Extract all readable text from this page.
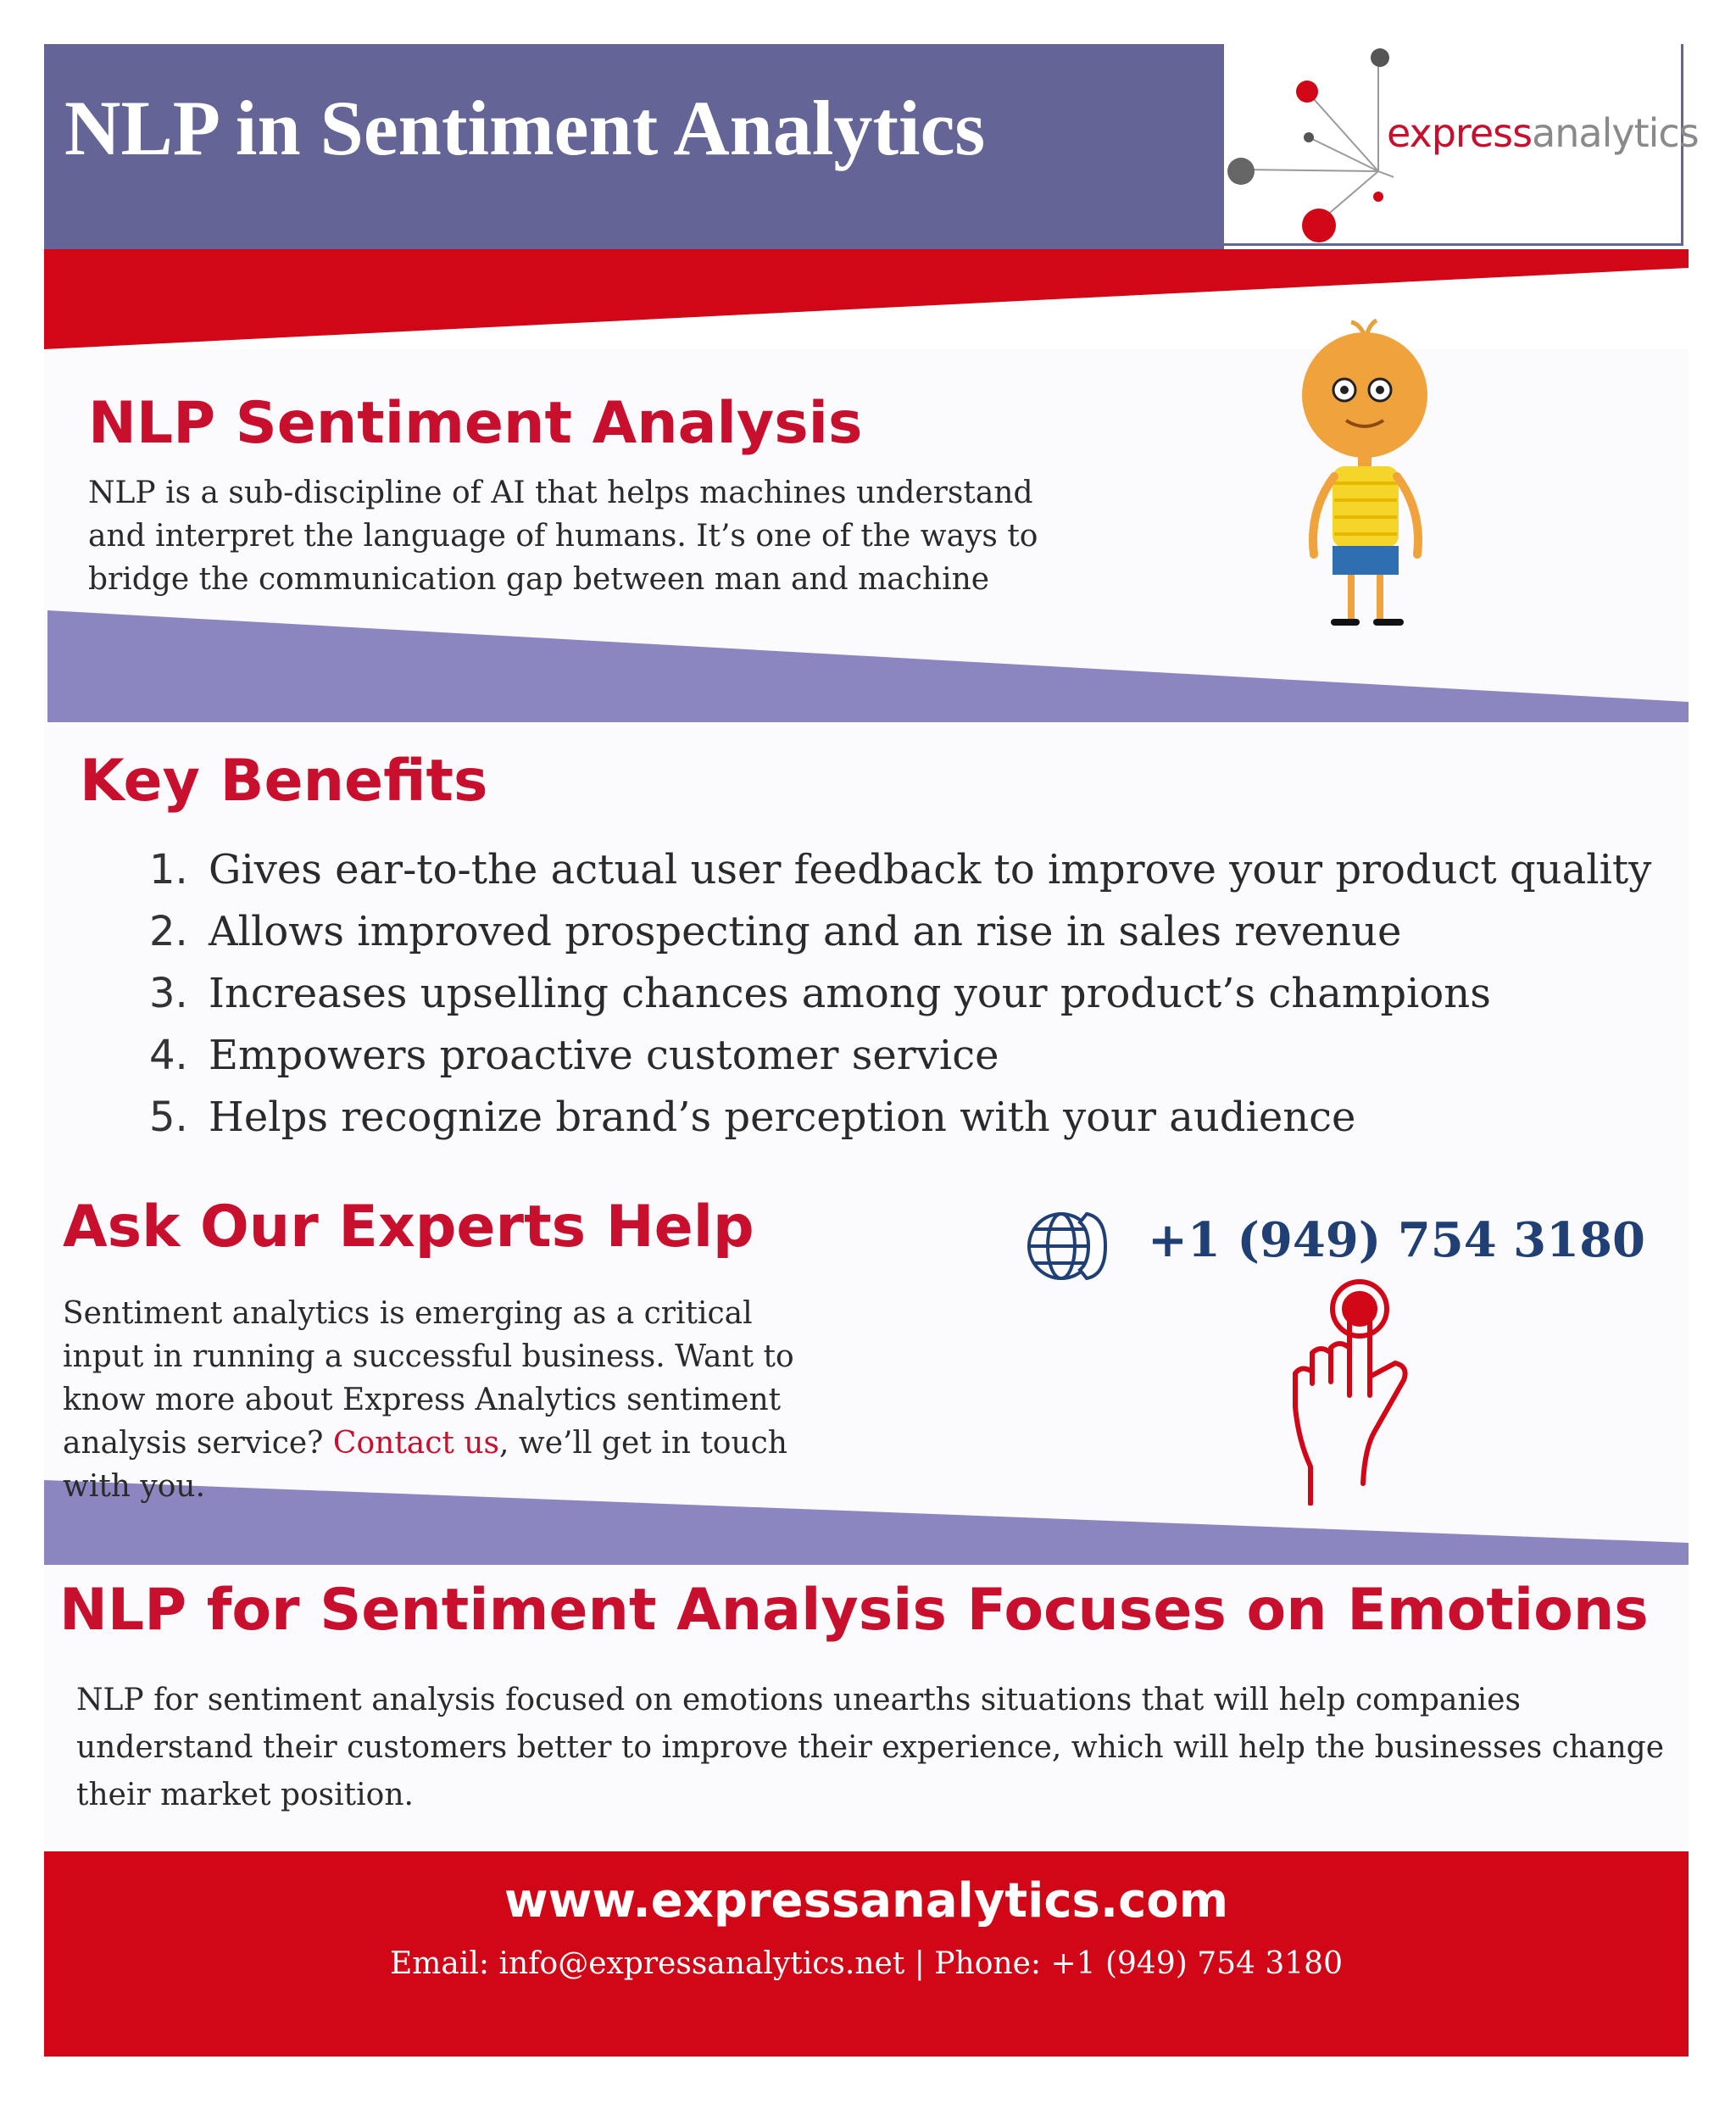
NLP in Sentiment Analytics	expressanalytics
NLP Sentiment Analysis
NLP is a sub-discipline of AI that helps machines understand and interpret the language of humans. It’s one of the ways to bridge the communication gap between man and machine
Key Benefits
1. Gives ear-to-the actual user feedback to improve your product quality
2. Allows improved prospecting and an rise in sales revenue
3. Increases upselling chances among your product’s champions
4. Empowers proactive customer service
5. Helps recognize brand’s perception with your audience
Ask Our Experts Help
Sentiment analytics is emerging as a critical input in running a successful business. Want to know more about Express Analytics sentiment analysis service? Contact us, we’ll get in touch with you.
+1 (949) 754 3180
NLP for Sentiment Analysis Focuses on Emotions
NLP for sentiment analysis focused on emotions unearths situations that will help companies understand their customers better to improve their experience, which will help the businesses change their market position.
www.expressanalytics.com
Email: info@expressanalytics.net | Phone: +1 (949) 754 3180
